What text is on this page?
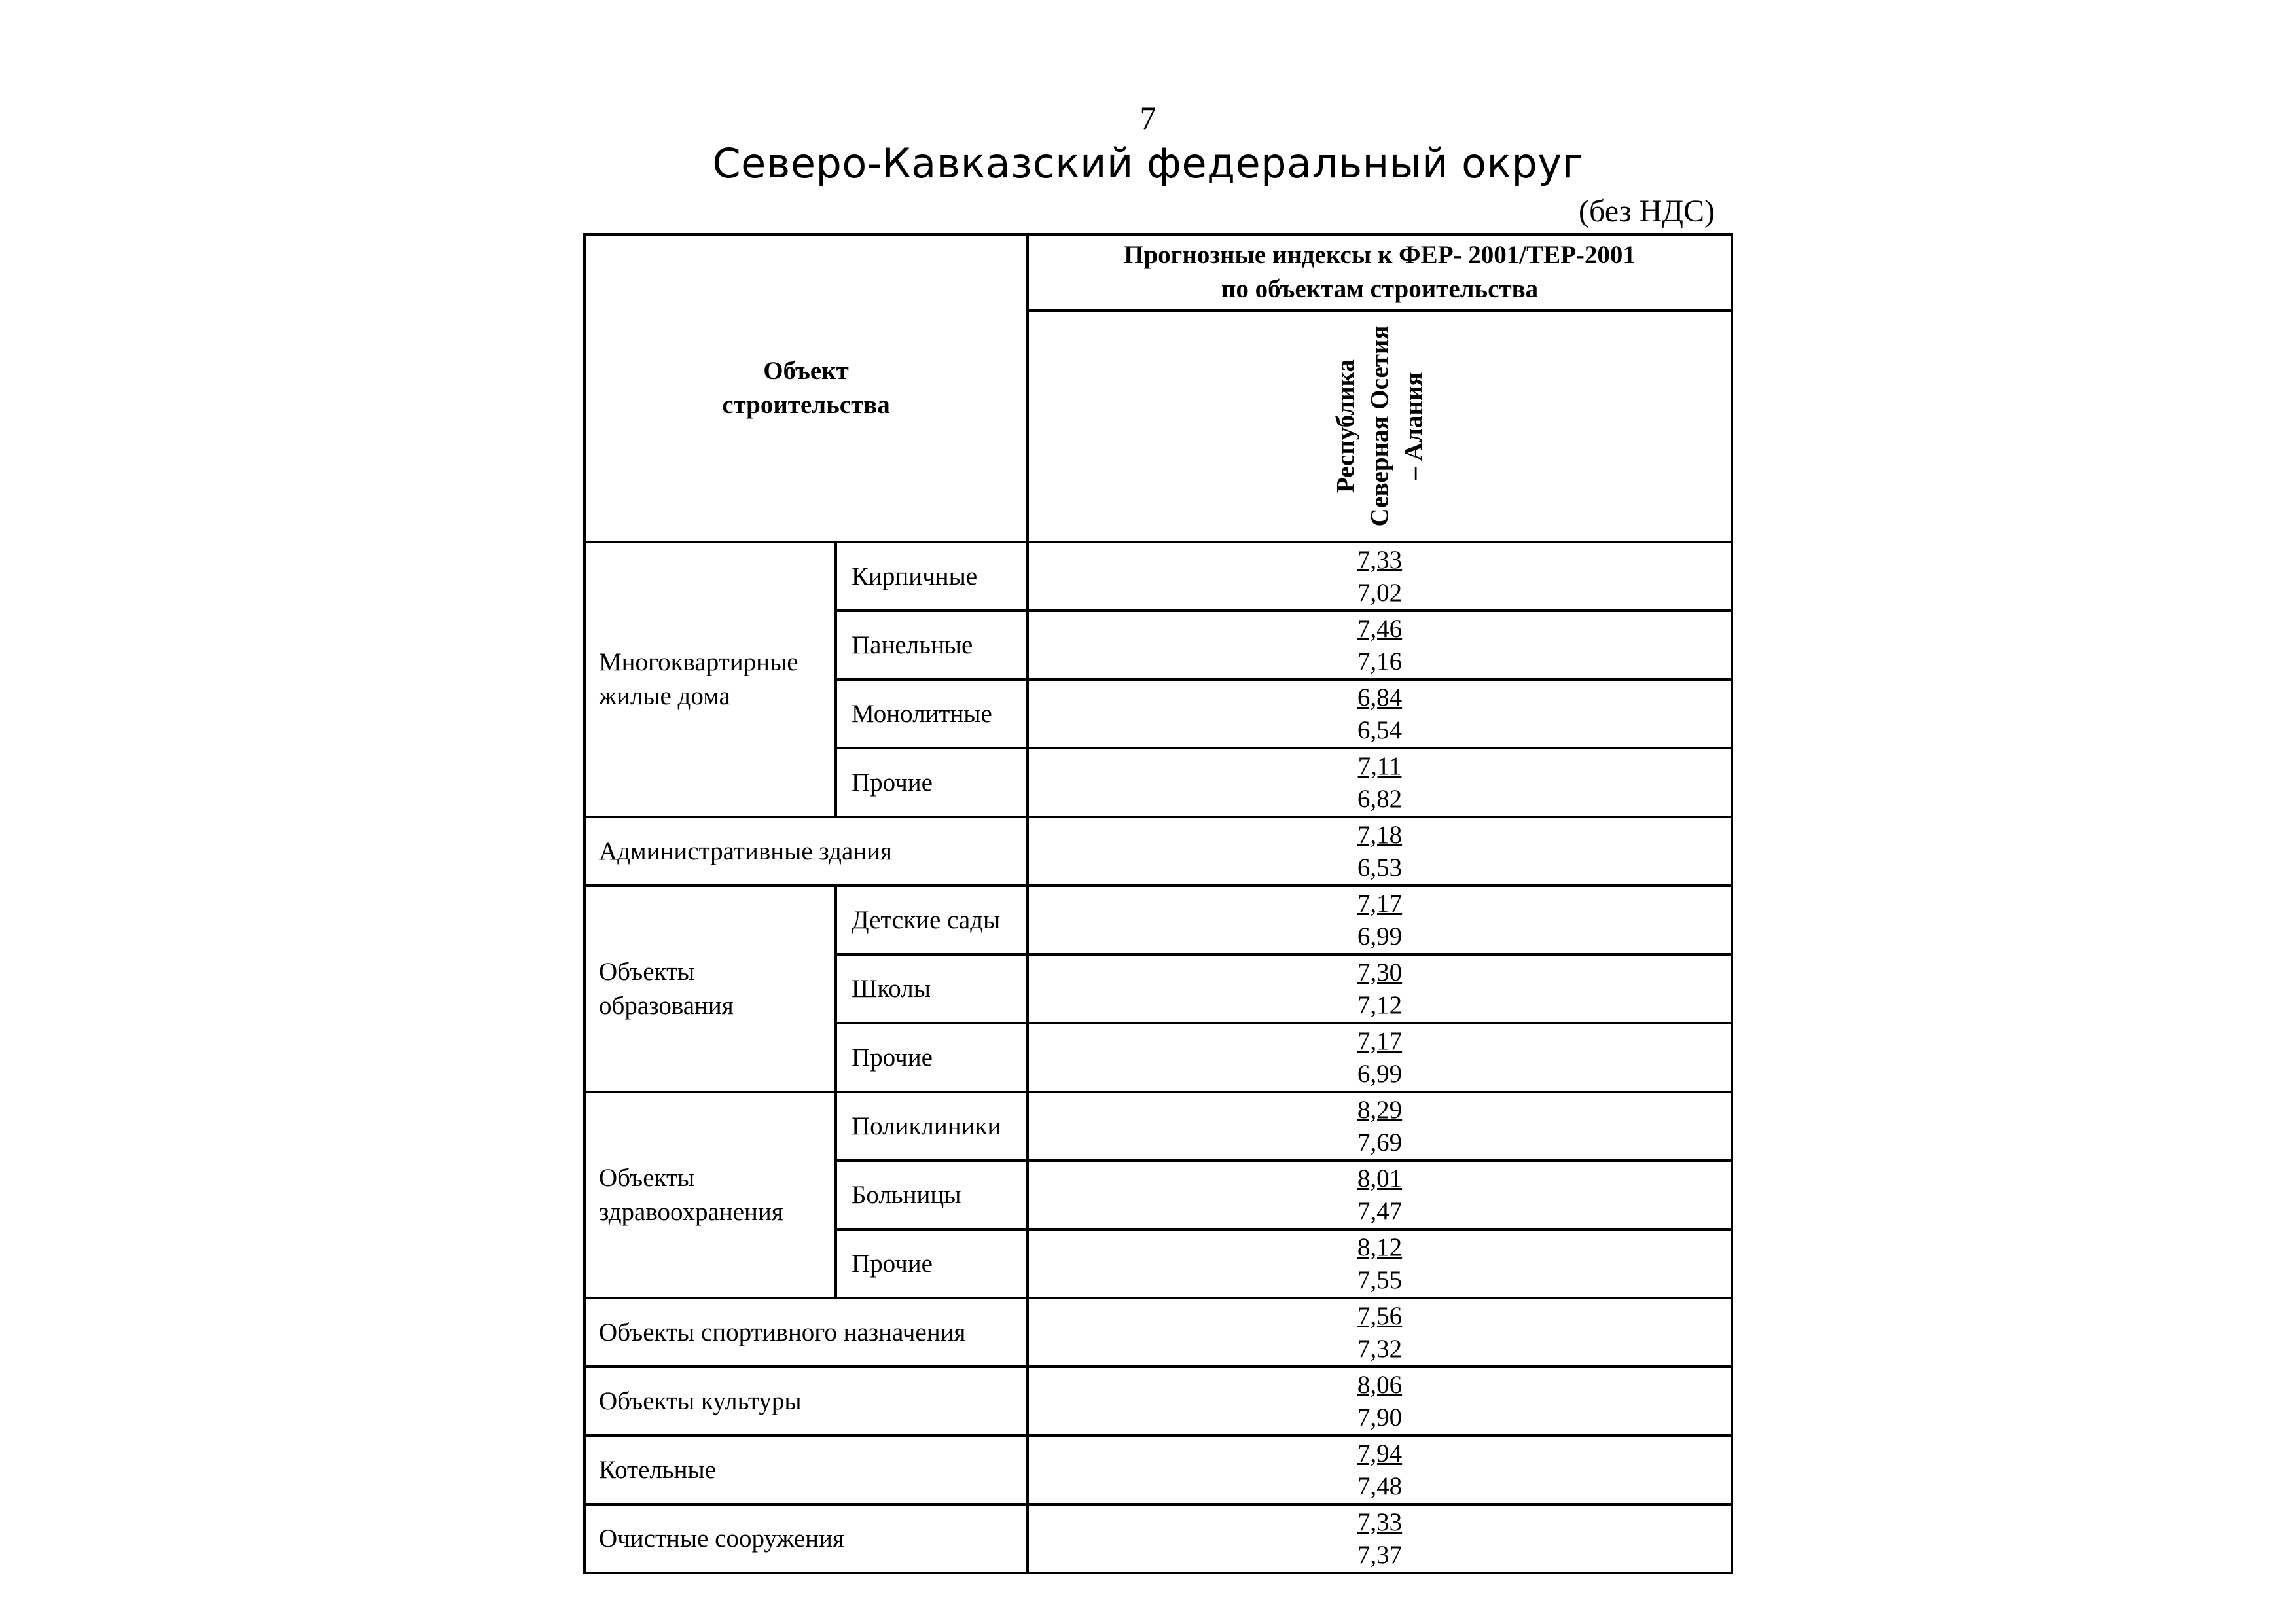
7
Северо-Кавказский федеральный округ
(без НДС)
Объект
строительства		Прогнозные индексы к ФЕР- 2001/ТЕР-2001
по объектам строительства
		Республика Северная Осетия – Алания
Многоквартирные
жилые дома	Кирпичные	7,33
7,02

	Панельные	7,46
7,16

	Монолитные	6,84
6,54

	Прочие	7,11
6,82

Административные здания		7,18
6,53

Объекты
образования	Детские сады	7,17
6,99

	Школы	7,30
7,12

	Прочие	7,17
6,99

Объекты
здравоохранения	Поликлиники	8,29
7,69

	Больницы	8,01
7,47

	Прочие	8,12
7,55

Объекты спортивного назначения		7,56
7,32

Объекты культуры		8,06
7,90

Котельные		7,94
7,48

Очистные сооружения		7,33
7,37
